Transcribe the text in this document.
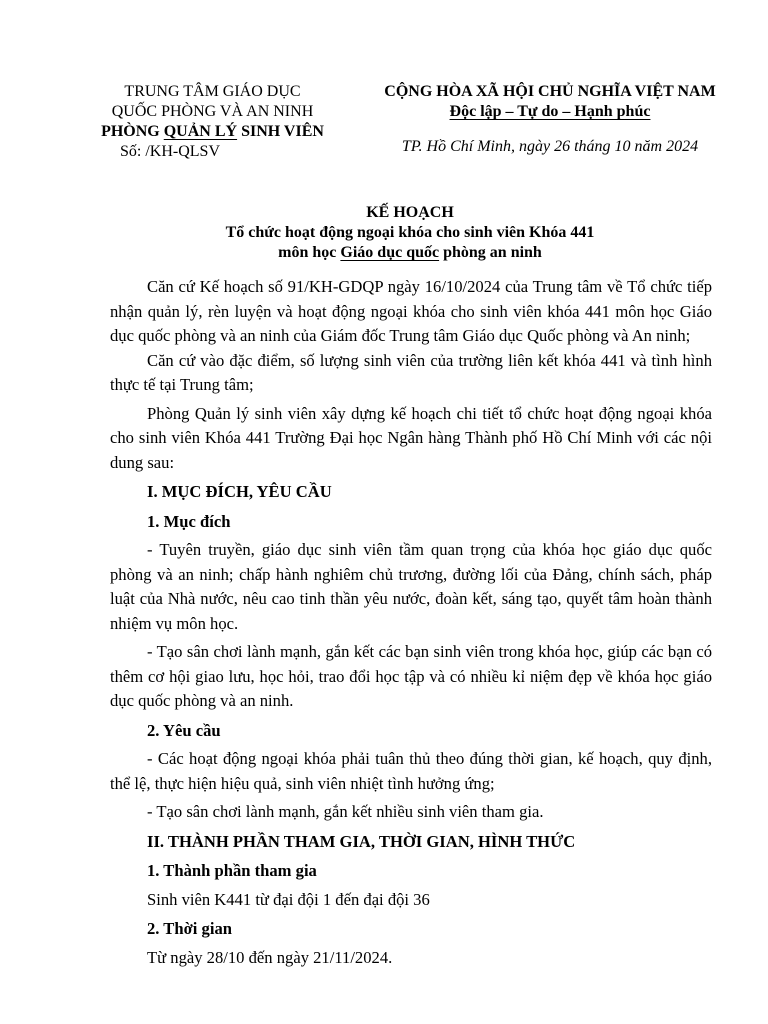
TRUNG TÂM GIÁO DỤC
QUỐC PHÒNG VÀ AN NINH
PHÒNG QUẢN LÝ SINH VIÊN
Số: /KH-QLSV
CỘNG HÒA XÃ HỘI CHỦ NGHĨA VIỆT NAM
Độc lập – Tự do – Hạnh phúc
TP. Hồ Chí Minh, ngày 26 tháng 10 năm 2024
KẾ HOẠCH
Tổ chức hoạt động ngoại khóa cho sinh viên Khóa 441
môn học Giáo dục quốc phòng an ninh

Căn cứ Kế hoạch số 91/KH-GDQP ngày 16/10/2024 của Trung tâm về Tổ chức tiếp nhận quản lý, rèn luyện và hoạt động ngoại khóa cho sinh viên khóa 441 môn học Giáo dục quốc phòng và an ninh của Giám đốc Trung tâm Giáo dục Quốc phòng và An ninh;

Căn cứ vào đặc điểm, số lượng sinh viên của trường liên kết khóa 441 và tình hình thực tế tại Trung tâm;

Phòng Quản lý sinh viên xây dựng kế hoạch chi tiết tổ chức hoạt động ngoại khóa cho sinh viên Khóa 441 Trường Đại học Ngân hàng Thành phố Hồ Chí Minh với các nội dung sau:

I. MỤC ĐÍCH, YÊU CẦU
1. Mục đích

- Tuyên truyền, giáo dục sinh viên tầm quan trọng của khóa học giáo dục quốc phòng và an ninh; chấp hành nghiêm chủ trương, đường lối của Đảng, chính sách, pháp luật của Nhà nước, nêu cao tinh thần yêu nước, đoàn kết, sáng tạo, quyết tâm hoàn thành nhiệm vụ môn học.

- Tạo sân chơi lành mạnh, gắn kết các bạn sinh viên trong khóa học, giúp các bạn có thêm cơ hội giao lưu, học hỏi, trao đổi học tập và có nhiều kỉ niệm đẹp về khóa học giáo dục quốc phòng và an ninh.

2. Yêu cầu

- Các hoạt động ngoại khóa phải tuân thủ theo đúng thời gian, kế hoạch, quy định, thể lệ, thực hiện hiệu quả, sinh viên nhiệt tình hưởng ứng;

- Tạo sân chơi lành mạnh, gắn kết nhiều sinh viên tham gia.

II. THÀNH PHẦN THAM GIA, THỜI GIAN, HÌNH THỨC
1. Thành phần tham gia
Sinh viên K441 từ đại đội 1 đến đại đội 36
2. Thời gian
Từ ngày 28/10 đến ngày 21/11/2024.
